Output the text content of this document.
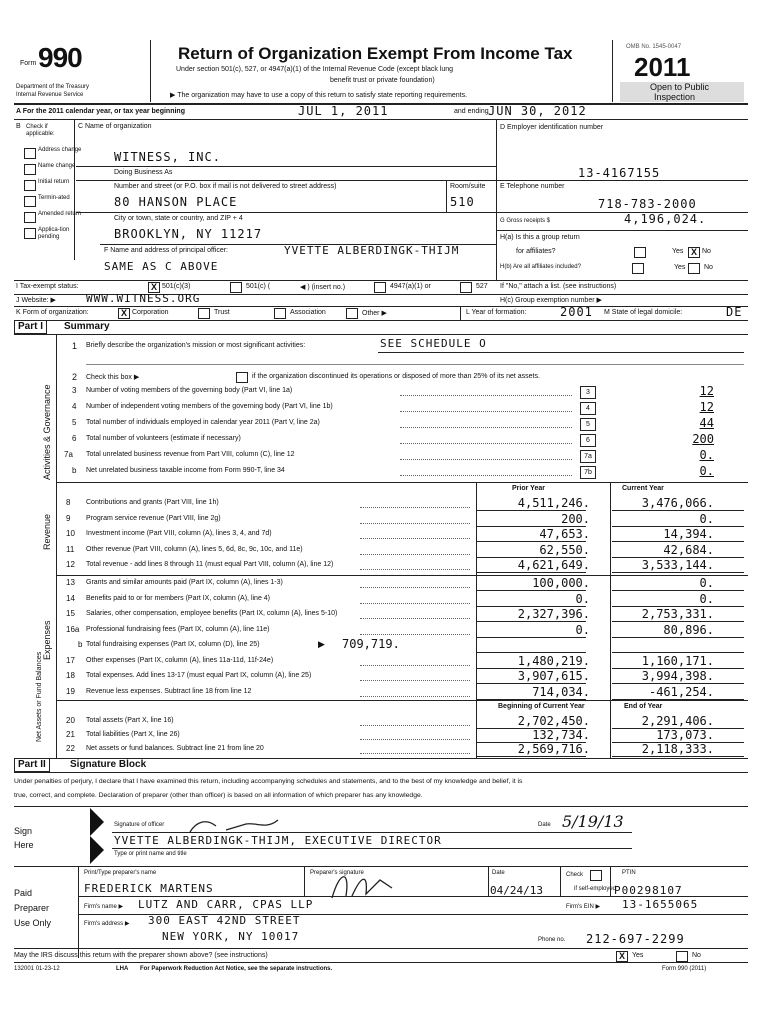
Form 990
Department of the Treasury
Internal Revenue Service
Return of Organization Exempt From Income Tax
Under section 501(c), 527, or 4947(a)(1) of the Internal Revenue Code (except black lung
benefit trust or private foundation)
▶ The organization may have to use a copy of this return to satisfy state reporting requirements.
OMB No. 1545-0047
2011
Open to Public
Inspection
A For the 2011 calendar year, or tax year beginning	JUL 1, 2011	and ending JUN 30, 2012
B Check if applicable:
Address change
Name change
Initial return
Termin-ated
Amended return
Applica-tion pending
C Name of organization
WITNESS, INC.
Doing Business As
Number and street (or P.O. box if mail is not delivered to street address)	Room/suite
80 HANSON PLACE	510
City or town, state or country, and ZIP + 4
BROOKLYN, NY 11217
F Name and address of principal officer:	YVETTE ALBERDINGK-THIJM
SAME AS C ABOVE
D Employer identification number
13-4167155
E Telephone number
718-783-2000
G Gross receipts $	4,196,024.
H(a) Is this a group return
for affiliates?	Yes X No
H(b) Are all affiliates included?	Yes	No
I Tax-exempt status:	X 501(c)(3)	501(c) (	◀ ) (insert no.)	4947(a)(1) or	527 If "No," attach a list. (see instructions)
J Website: ▶	WWW.WITNESS.ORG	H(c) Group exemption number ▶
K Form of organization:	X Corporation	Trust	Association	Other ▶	L Year of formation:	2001 M State of legal domicile:	DE
Part I	Summary
1 Briefly describe the organization's mission or most significant activities:	SEE SCHEDULE O
2 Check this box ▶	if the organization discontinued its operations or disposed of more than 25% of its net assets.
Activities & Governance
Revenue
Expenses
Net Assets or Fund Balances
3 Number of voting members of the governing body (Part VI, line 1a)	3	12
4 Number of independent voting members of the governing body (Part VI, line 1b)	4	12
5 Total number of individuals employed in calendar year 2011 (Part V, line 2a)	5	44
6 Total number of volunteers (estimate if necessary)	6	200
7a Total unrelated business revenue from Part VIII, column (C), line 12	7a	0.
b Net unrelated business taxable income from Form 990-T, line 34	7b	0.
Prior Year	Current Year
8 Contributions and grants (Part VIII, line 1h)	4,511,246.	3,476,066.
9 Program service revenue (Part VIII, line 2g)	200.	0.
10 Investment income (Part VIII, column (A), lines 3, 4, and 7d)	47,653.	14,394.
11 Other revenue (Part VIII, column (A), lines 5, 6d, 8c, 9c, 10c, and 11e)	62,550.	42,684.
12 Total revenue - add lines 8 through 11 (must equal Part VIII, column (A), line 12)	4,621,649.	3,533,144.
13 Grants and similar amounts paid (Part IX, column (A), lines 1-3)	100,000.	0.
14 Benefits paid to or for members (Part IX, column (A), line 4)	0.	0.
15 Salaries, other compensation, employee benefits (Part IX, column (A), lines 5-10)	2,327,396.	2,753,331.
16a Professional fundraising fees (Part IX, column (A), line 11e)	0.	80,896.
b Total fundraising expenses (Part IX, column (D), line 25)	▶ 709,719.
17 Other expenses (Part IX, column (A), lines 11a-11d, 11f-24e)	1,480,219.	1,160,171.
18 Total expenses. Add lines 13-17 (must equal Part IX, column (A), line 25)	3,907,615.	3,994,398.
19 Revenue less expenses. Subtract line 18 from line 12	714,034.	-461,254.
Beginning of Current Year	End of Year
20 Total assets (Part X, line 16)	2,702,450.	2,291,406.
21 Total liabilities (Part X, line 26)	132,734.	173,073.
22 Net assets or fund balances. Subtract line 21 from line 20	2,569,716.	2,118,333.
Part II	Signature Block
Under penalties of perjury, I declare that I have examined this return, including accompanying schedules and statements, and to the best of my knowledge and belief, it is
true, correct, and complete. Declaration of preparer (other than officer) is based on all information of which preparer has any knowledge.
Sign
Here
Signature of officer	Date 5/19/13
YVETTE ALBERDINGK-THIJM, EXECUTIVE DIRECTOR
Type or print name and title
Paid
Preparer
Use Only
Print/Type preparer's name	Preparer's signature	Date	Check
if self-employed
PTIN
FREDERICK MARTENS	04/24/13	P00298107
Firm's name ▶ LUTZ AND CARR, CPAS LLP	Firm's EIN ▶ 13-1655065
Firm's address ▶ 300 EAST 42ND STREET
NEW YORK, NY 10017	Phone no. 212-697-2299
May the IRS discuss this return with the preparer shown above? (see instructions)	X	Yes	No
132001 01-23-12	LHA For Paperwork Reduction Act Notice, see the separate instructions.	Form 990 (2011)
